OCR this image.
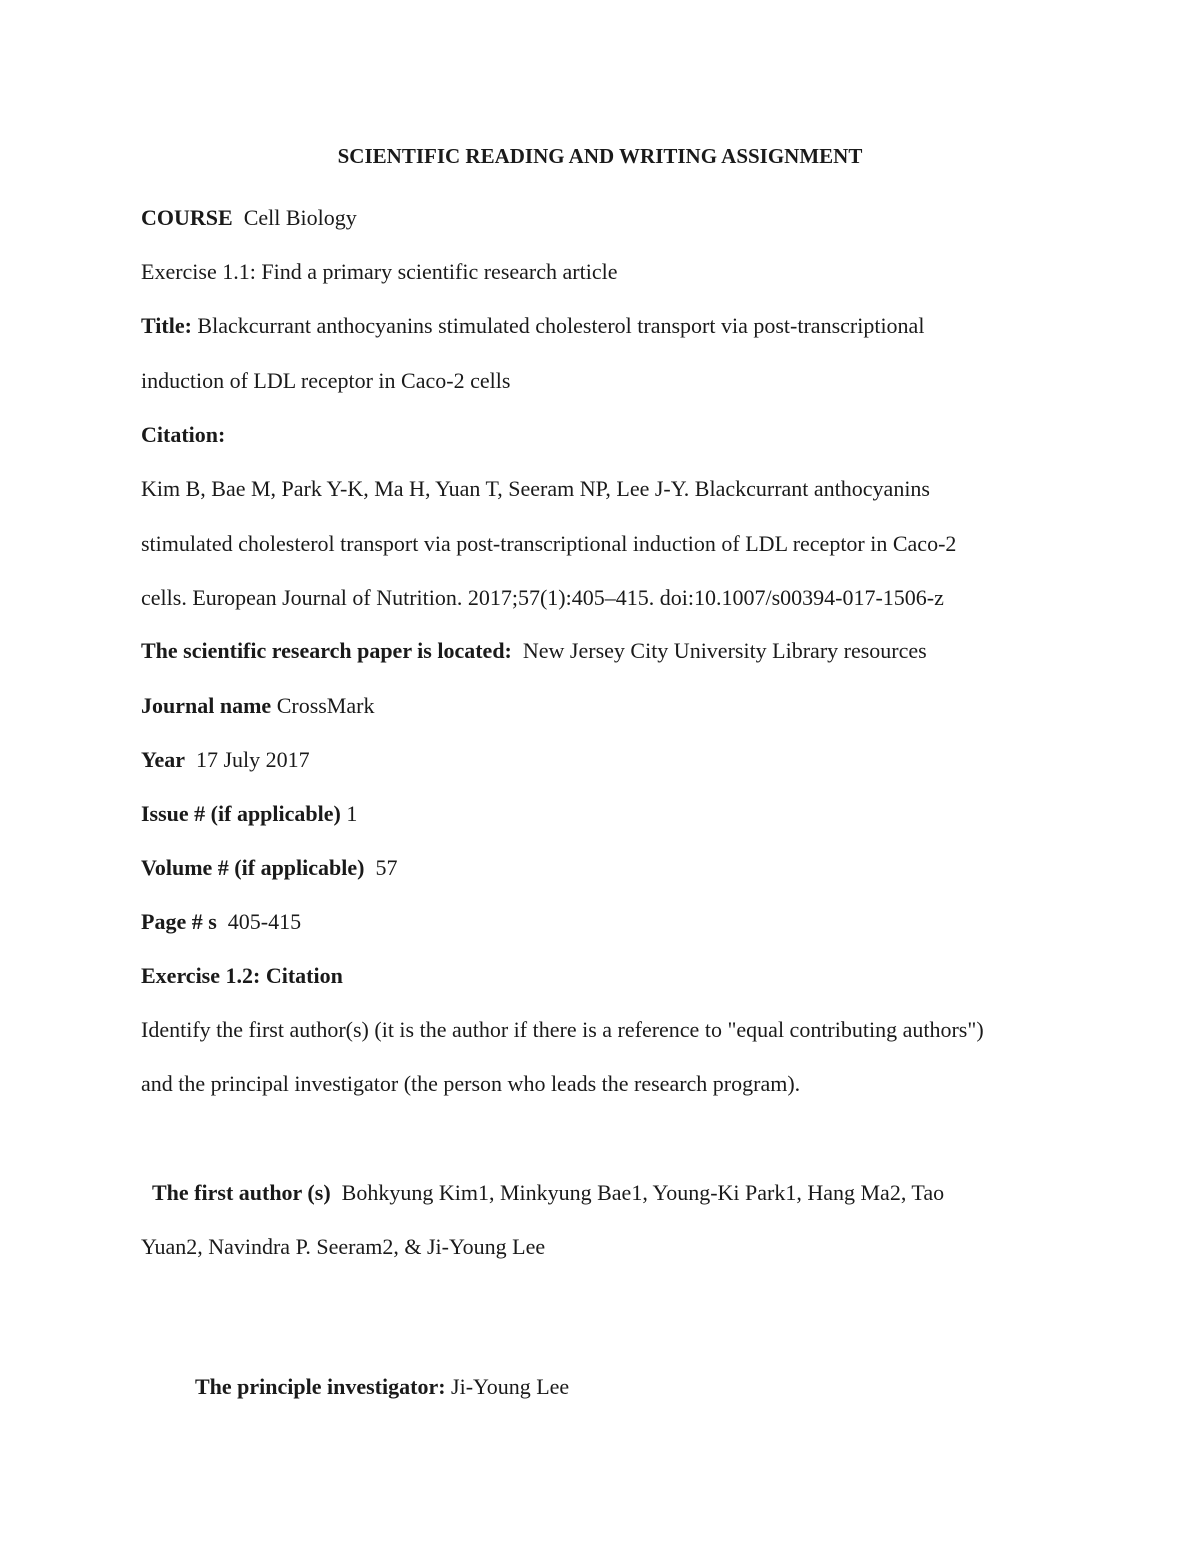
SCIENTIFIC READING AND WRITING ASSIGNMENT
COURSE Cell Biology
Exercise 1.1: Find a primary scientific research article
Title: Blackcurrant anthocyanins stimulated cholesterol transport via post-transcriptional
induction of LDL receptor in Caco-2 cells
Citation:
Kim B, Bae M, Park Y-K, Ma H, Yuan T, Seeram NP, Lee J-Y. Blackcurrant anthocyanins
stimulated cholesterol transport via post-transcriptional induction of LDL receptor in Caco-2
cells. European Journal of Nutrition. 2017;57(1):405–415. doi:10.1007/s00394-017-1506-z
The scientific research paper is located: New Jersey City University Library resources
Journal name CrossMark
Year 17 July 2017
Issue # (if applicable) 1
Volume # (if applicable) 57
Page # s 405-415
Exercise 1.2: Citation
Identify the first author(s) (it is the author if there is a reference to "equal contributing authors")
and the principal investigator (the person who leads the research program).
The first author (s) Bohkyung Kim1, Minkyung Bae1, Young-Ki Park1, Hang Ma2, Tao
Yuan2, Navindra P. Seeram2, & Ji-Young Lee
The principle investigator: Ji-Young Lee
